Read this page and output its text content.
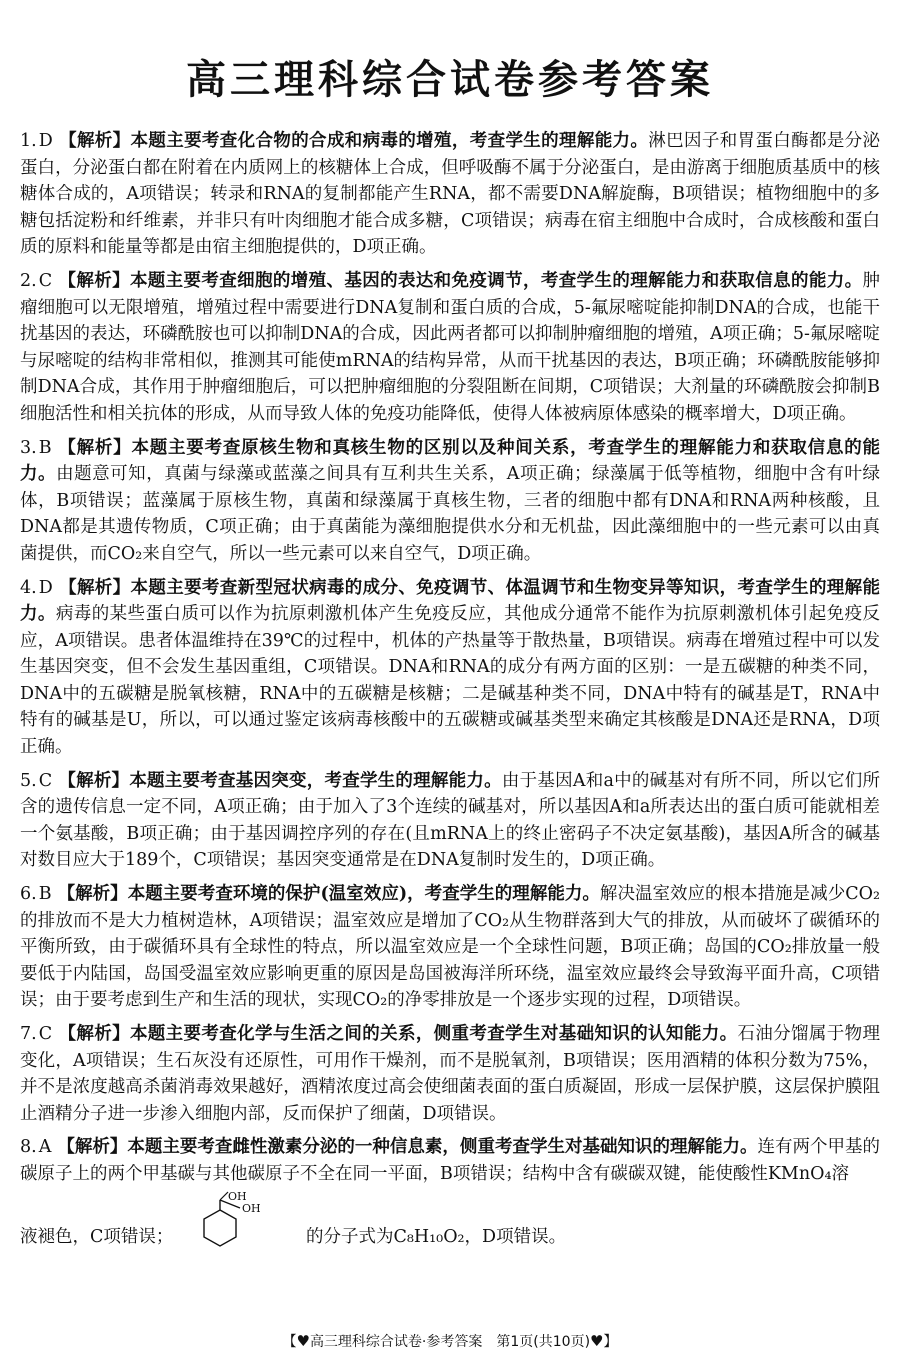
高三理科综合试卷参考答案

1. D 【解析】本题主要考查化合物的合成和病毒的增殖，考查学生的理解能力。淋巴因子和胃蛋白酶都是分泌蛋白，分泌蛋白都在附着在内质网上的核糖体上合成，但呼吸酶不属于分泌蛋白，是由游离于细胞质基质中的核糖体合成的，A项错误；转录和RNA的复制都能产生RNA，都不需要DNA解旋酶，B项错误；植物细胞中的多糖包括淀粉和纤维素，并非只有叶肉细胞才能合成多糖，C项错误；病毒在宿主细胞中合成时，合成核酸和蛋白质的原料和能量等都是由宿主细胞提供的，D项正确。

2. C 【解析】本题主要考查细胞的增殖、基因的表达和免疫调节，考查学生的理解能力和获取信息的能力。肿瘤细胞可以无限增殖，增殖过程中需要进行DNA复制和蛋白质的合成，5-氟尿嘧啶能抑制DNA的合成，也能干扰基因的表达，环磷酰胺也可以抑制DNA的合成，因此两者都可以抑制肿瘤细胞的增殖，A项正确；5-氟尿嘧啶与尿嘧啶的结构非常相似，推测其可能使mRNA的结构异常，从而干扰基因的表达，B项正确；环磷酰胺能够抑制DNA合成，其作用于肿瘤细胞后，可以把肿瘤细胞的分裂阻断在间期，C项错误；大剂量的环磷酰胺会抑制B细胞活性和相关抗体的形成，从而导致人体的免疫功能降低，使得人体被病原体感染的概率增大，D项正确。

3. B 【解析】本题主要考查原核生物和真核生物的区别以及种间关系，考查学生的理解能力和获取信息的能力。由题意可知，真菌与绿藻或蓝藻之间具有互利共生关系，A项正确；绿藻属于低等植物，细胞中含有叶绿体，B项错误；蓝藻属于原核生物，真菌和绿藻属于真核生物，三者的细胞中都有DNA和RNA两种核酸，且DNA都是其遗传物质，C项正确；由于真菌能为藻细胞提供水分和无机盐，因此藻细胞中的一些元素可以由真菌提供，而CO₂来自空气，所以一些元素可以来自空气，D项正确。

4. D 【解析】本题主要考查新型冠状病毒的成分、免疫调节、体温调节和生物变异等知识，考查学生的理解能力。病毒的某些蛋白质可以作为抗原刺激机体产生免疫反应，其他成分通常不能作为抗原刺激机体引起免疫反应，A项错误。患者体温维持在39℃的过程中，机体的产热量等于散热量，B项错误。病毒在增殖过程中可以发生基因突变，但不会发生基因重组，C项错误。DNA和RNA的成分有两方面的区别：一是五碳糖的种类不同，DNA中的五碳糖是脱氧核糖，RNA中的五碳糖是核糖；二是碱基种类不同，DNA中特有的碱基是T，RNA中特有的碱基是U，所以，可以通过鉴定该病毒核酸中的五碳糖或碱基类型来确定其核酸是DNA还是RNA，D项正确。

5. C 【解析】本题主要考查基因突变，考查学生的理解能力。由于基因A和a中的碱基对有所不同，所以它们所含的遗传信息一定不同，A项正确；由于加入了3个连续的碱基对，所以基因A和a所表达出的蛋白质可能就相差一个氨基酸，B项正确；由于基因调控序列的存在(且mRNA上的终止密码子不决定氨基酸)，基因A所含的碱基对数目应大于189个，C项错误；基因突变通常是在DNA复制时发生的，D项正确。

6. B 【解析】本题主要考查环境的保护(温室效应)，考查学生的理解能力。解决温室效应的根本措施是减少CO₂的排放而不是大力植树造林，A项错误；温室效应是增加了CO₂从生物群落到大气的排放，从而破坏了碳循环的平衡所致，由于碳循环具有全球性的特点，所以温室效应是一个全球性问题，B项正确；岛国的CO₂排放量一般要低于内陆国，岛国受温室效应影响更重的原因是岛国被海洋所环绕，温室效应最终会导致海平面升高，C项错误；由于要考虑到生产和生活的现状，实现CO₂的净零排放是一个逐步实现的过程，D项错误。

7. C 【解析】本题主要考查化学与生活之间的关系，侧重考查学生对基础知识的认知能力。石油分馏属于物理变化，A项错误；生石灰没有还原性，可用作干燥剂，而不是脱氧剂，B项错误；医用酒精的体积分数为75%，并不是浓度越高杀菌消毒效果越好，酒精浓度过高会使细菌表面的蛋白质凝固，形成一层保护膜，这层保护膜阻止酒精分子进一步渗入细胞内部，反而保护了细菌，D项错误。

8. A 【解析】本题主要考查雌性激素分泌的一种信息素，侧重考查学生对基础知识的理解能力。连有两个甲基的碳原子上的两个甲基碳与其他碳原子不全在同一平面，B项错误；结构中含有碳碳双键，能使酸性KMnO₄溶

液褪色，C项错误；
OH
OH
的分子式为C₈H₁₀O₂，D项错误。
【♥高三理科综合试卷·参考答案　第1页(共10页)♥】
